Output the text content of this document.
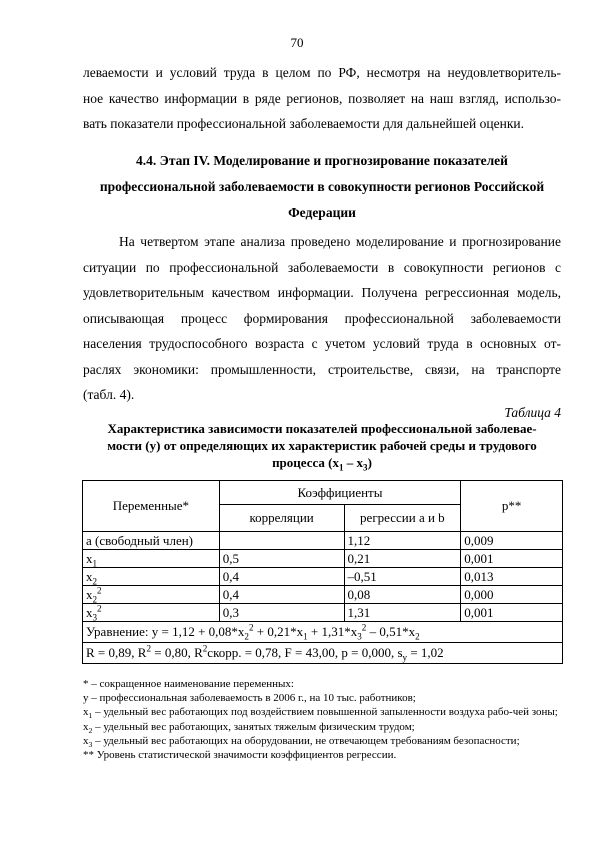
70
леваемости и условий труда в целом по РФ, несмотря на неудовлетворитель-
ное качество информации в ряде регионов, позволяет на наш взгляд, использо-
вать показатели профессиональной заболеваемости для дальнейшей оценки.
4.4. Этап IV. Моделирование и прогнозирование показателей
профессиональной заболеваемости в совокупности регионов Российской
Федерации
На четвертом этапе анализа проведено моделирование и прогнозирование
ситуации по профессиональной заболеваемости в совокупности регионов с
удовлетворительным качеством информации. Получена регрессионная модель,
описывающая процесс формирования профессиональной заболеваемости
населения трудоспособного возраста с учетом условий труда в основных от-
раслях экономики: промышленности, строительстве, связи, на транспорте
(табл. 4).
Таблица 4
Характеристика зависимости показателей профессиональной заболевае-
мости (y) от определяющих их характеристик рабочей среды и трудового
процесса $(x_1 - x_3)$
Переменные*	Коэффициенты		p**
	корреляции	регрессии a и b	
a (свободный член)		1,12	0,009
$x_1$	0,5	0,21	0,001
$x_2$	0,4	–0,51	0,013
$x_2^2$	0,4	0,08	0,000
$x_3^2$	0,3	1,31	0,001
Уравнение: $y = 1,12 + 0,08*x_2^2 + 0,21*x_1 + 1,31*x_3^2 - 0,51*x_2$
R = 0,89, $R^2 = 0,80$, $R^2скорр$. = 0,78, F = 43,00, p = 0,000, $s_y = 1,02$			
* – сокращенное наименование переменных:
y – профессиональная заболеваемость в 2006 г., на 10 тыс. работников;
$x_1$ – удельный вес работающих под воздействием повышенной запыленности воздуха рабо-чей зоны;
$x_2$ – удельный вес работающих, занятых тяжелым физическим трудом;
$x_3$ – удельный вес работающих на оборудовании, не отвечающем требованиям безопасности;
** Уровень статистической значимости коэффициентов регрессии.
